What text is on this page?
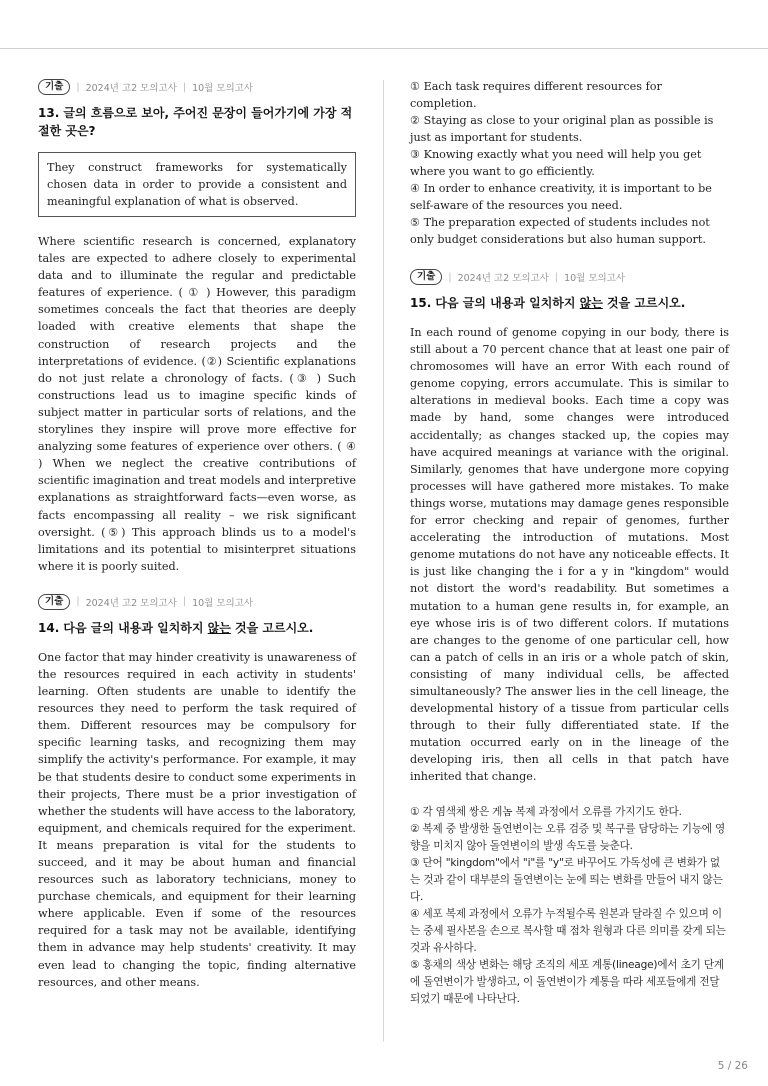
기출	| 2024년 고2 모의고사 | 10월 모의고사
13. 글의 흐름으로 보아, 주어진 문장이 들어가기에 가장 적절한 곳은?
They construct frameworks for systematically chosen data in order to provide a consistent and meaningful explanation of what is observed.

Where scientific research is concerned, explanatory tales are expected to adhere closely to experimental data and to illuminate the regular and predictable features of experience. ( ① ) However, this paradigm sometimes conceals the fact that theories are deeply loaded with creative elements that shape the construction of research projects and the interpretations of evidence. (②) Scientific explanations do not just relate a chronology of facts. (③ ) Such constructions lead us to imagine specific kinds of subject matter in particular sorts of relations, and the storylines they inspire will prove more effective for analyzing some features of experience over others. ( ④ ) When we neglect the creative contributions of scientific imagination and treat models and interpretive explanations as straightforward facts—even worse, as facts encompassing all reality – we risk significant oversight. (⑤) This approach blinds us to a model's limitations and its potential to misinterpret situations where it is poorly suited.

기출	| 2024년 고2 모의고사 | 10월 모의고사
14. 다음 글의 내용과 일치하지 않는 것을 고르시오.

One factor that may hinder creativity is unawareness of the resources required in each activity in students' learning. Often students are unable to identify the resources they need to perform the task required of them. Different resources may be compulsory for specific learning tasks, and recognizing them may simplify the activity's performance. For example, it may be that students desire to conduct some experiments in their projects, There must be a prior investigation of whether the students will have access to the laboratory, equipment, and chemicals required for the experiment. It means preparation is vital for the students to succeed, and it may be about human and financial resources such as laboratory technicians, money to purchase chemicals, and equipment for their learning where applicable. Even if some of the resources required for a task may not be available, identifying them in advance may help students' creativity. It may even lead to changing the topic, finding alternative resources, and other means.

① Each task requires different resources for completion.

② Staying as close to your original plan as possible is just as important for students.

③ Knowing exactly what you need will help you get where you want to go efficiently.

④ In order to enhance creativity, it is important to be self-aware of the resources you need.

⑤ The preparation expected of students includes not only budget considerations but also human support.

기출	| 2024년 고2 모의고사 | 10월 모의고사
15. 다음 글의 내용과 일치하지 않는 것을 고르시오.

In each round of genome copying in our body, there is still about a 70 percent chance that at least one pair of chromosomes will have an error With each round of genome copying, errors accumulate. This is similar to alterations in medieval books. Each time a copy was made by hand, some changes were introduced accidentally; as changes stacked up, the copies may have acquired meanings at variance with the original. Similarly, genomes that have undergone more copying processes will have gathered more mistakes. To make things worse, mutations may damage genes responsible for error checking and repair of genomes, further accelerating the introduction of mutations. Most genome mutations do not have any noticeable effects. It is just like changing the i for a y in "kingdom" would not distort the word's readability. But sometimes a mutation to a human gene results in, for example, an eye whose iris is of two different colors. If mutations are changes to the genome of one particular cell, how can a patch of cells in an iris or a whole patch of skin, consisting of many individual cells, be affected simultaneously? The answer lies in the cell lineage, the developmental history of a tissue from particular cells through to their fully differentiated state. If the mutation occurred early on in the lineage of the developing iris, then all cells in that patch have inherited that change.

① 각 염색체 쌍은 게놈 복제 과정에서 오류를 가지기도 한다.

② 복제 중 발생한 돌연변이는 오류 검증 및 복구를 담당하는 기능에 영향을 미치지 않아 돌연변이의 발생 속도를 늦춘다.

③ 단어 "kingdom"에서 "i"를 "y"로 바꾸어도 가독성에 큰 변화가 없는 것과 같이 대부분의 돌연변이는 눈에 띄는 변화를 만들어 내지 않는다.

④ 세포 복제 과정에서 오류가 누적될수록 원본과 달라질 수 있으며 이는 중세 필사본을 손으로 복사할 때 점차 원형과 다른 의미를 갖게 되는 것과 유사하다.

⑤ 홍채의 색상 변화는 해당 조직의 세포 계통(lineage)에서 초기 단계에 돌연변이가 발생하고, 이 돌연변이가 계통을 따라 세포들에게 전달되었기 때문에 나타난다.

5 / 26
